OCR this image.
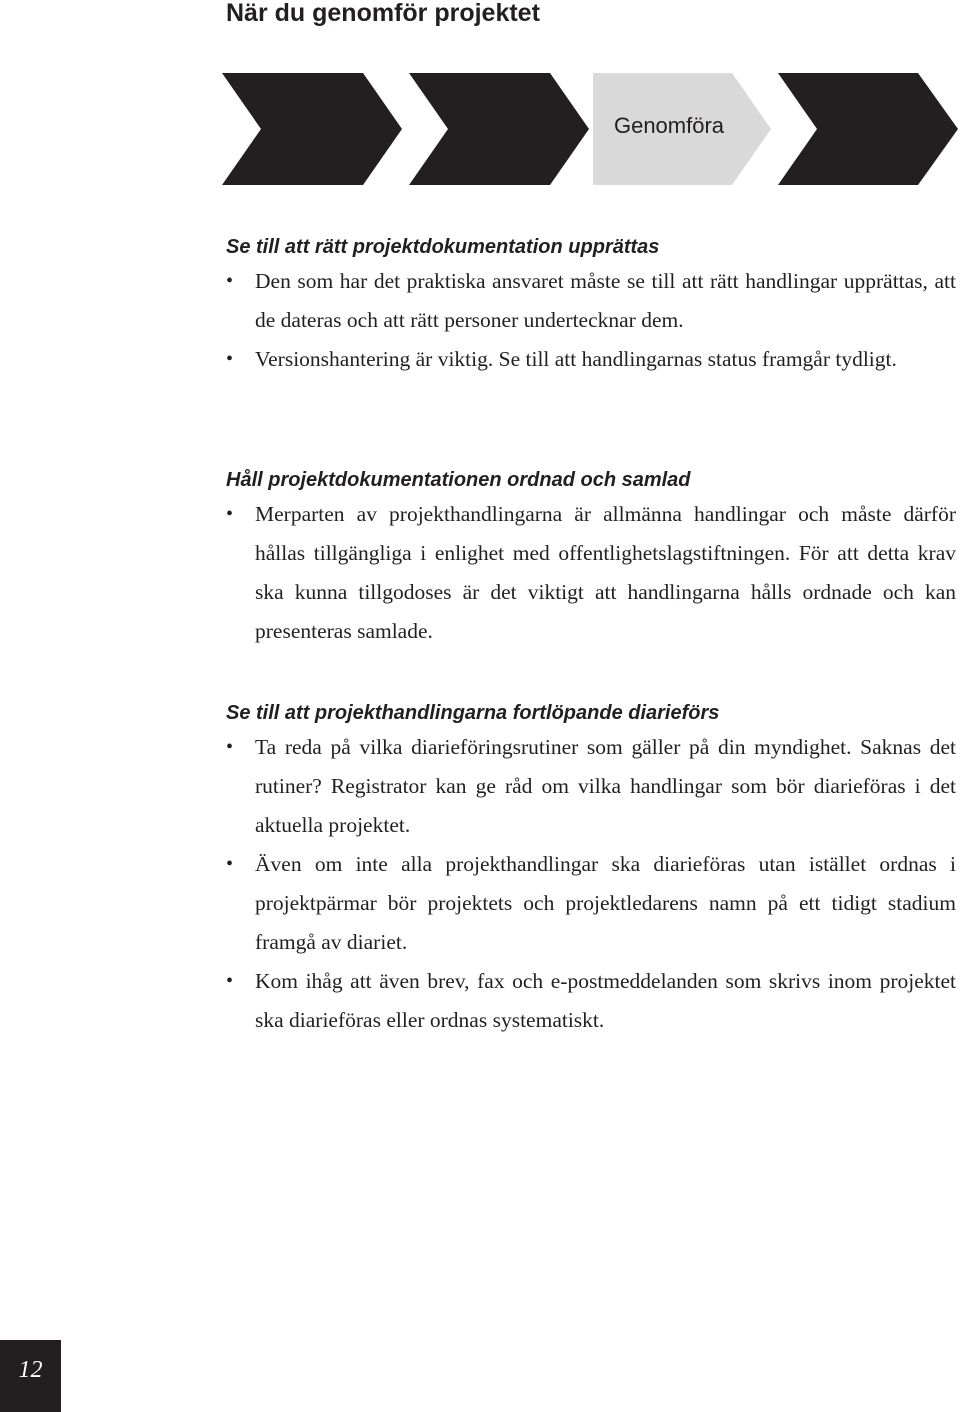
När du genomför projektet
Genomföra
Se till att rätt projektdokumentation upprättas
• Den som har det praktiska ansvaret måste se till att rätt handlingar upprättas, att de dateras och att rätt personer undertecknar dem.
• Versionshantering är viktig. Se till att handlingarnas status framgår tydligt.
Håll projektdokumentationen ordnad och samlad
• Merparten av projekthandlingarna är allmänna handlingar och måste därför hållas tillgängliga i enlighet med offentlighetslagstiftningen. För att detta krav ska kunna tillgodoses är det viktigt att handlingarna hålls ordnade och kan presenteras samlade.
Se till att projekthandlingarna fortlöpande diarieförs
• Ta reda på vilka diarieföringsrutiner som gäller på din myndighet. Saknas det rutiner? Registrator kan ge råd om vilka handlingar som bör diarieföras i det aktuella projektet.
• Även om inte alla projekthandlingar ska diarieföras utan istället ordnas i projektpärmar bör projektets och projektledarens namn på ett tidigt stadium framgå av diariet.
• Kom ihåg att även brev, fax och e-postmeddelanden som skrivs inom projektet ska diarieföras eller ordnas systematiskt.
12
